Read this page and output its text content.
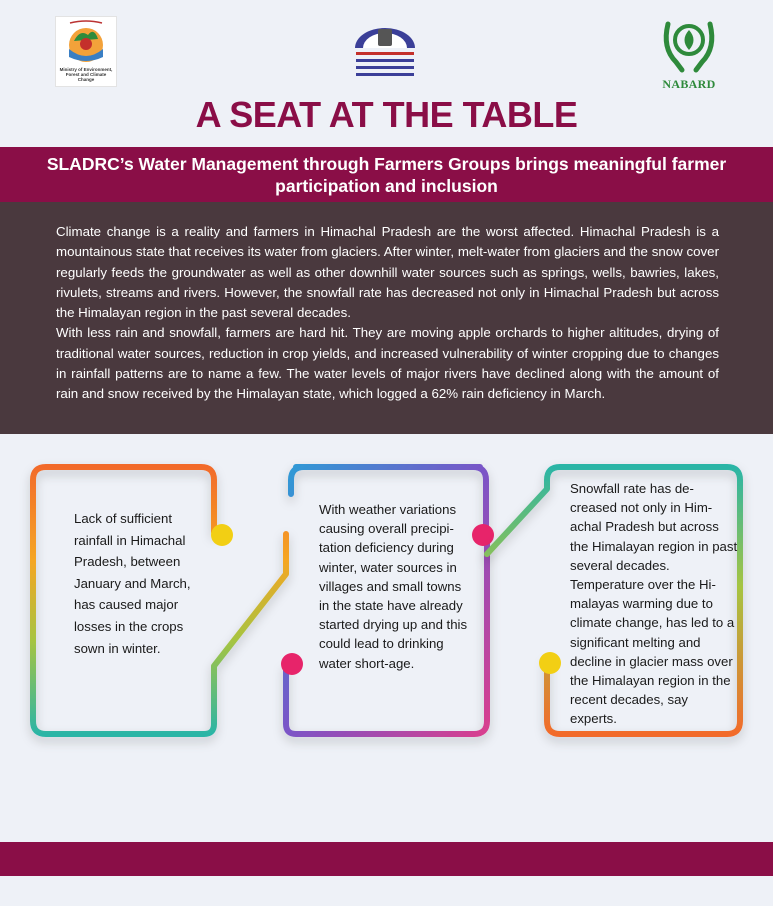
Ministry of Environment, Forest and Climate Change	NABARD
A SEAT AT THE TABLE
SLADRC’s Water Management through Farmers Groups brings meaningful farmer participation and inclusion

Climate change is a reality and farmers in Himachal Pradesh are the worst affected. Himachal Pradesh is a mountainous state that receives its water from glaciers. After winter, melt-water from glaciers and the snow cover regularly feeds the groundwater as well as other downhill water sources such as springs, wells, bawries, lakes, rivulets, streams and rivers. However, the snowfall rate has decreased not only in Himachal Pradesh but across the Himalayan region in the past several decades.

With less rain and snowfall, farmers are hard hit. They are moving apple orchards to higher altitudes, drying of traditional water sources, reduction in crop yields, and increased vulnerability of winter cropping due to changes in rainfall patterns are to name a few. The water levels of major rivers have declined along with the amount of rain and snow received by the Himalayan state, which logged a 62% rain deficiency in March.

Lack of sufficient rainfall in Himachal Pradesh, between January and March, has caused major losses in the crops sown in winter.
With weather variations causing overall precipi-tation deficiency during winter, water sources in villages and small towns in the state have already started drying up and this could lead to drinking water short-age.
Snowfall rate has de-creased not only in Him-achal Pradesh but across the Himalayan region in past several decades. Temperature over the Hi-malayas warming due to climate change, has led to a significant melting and decline in glacier mass over the Himalayan region in the recent decades, say experts.
